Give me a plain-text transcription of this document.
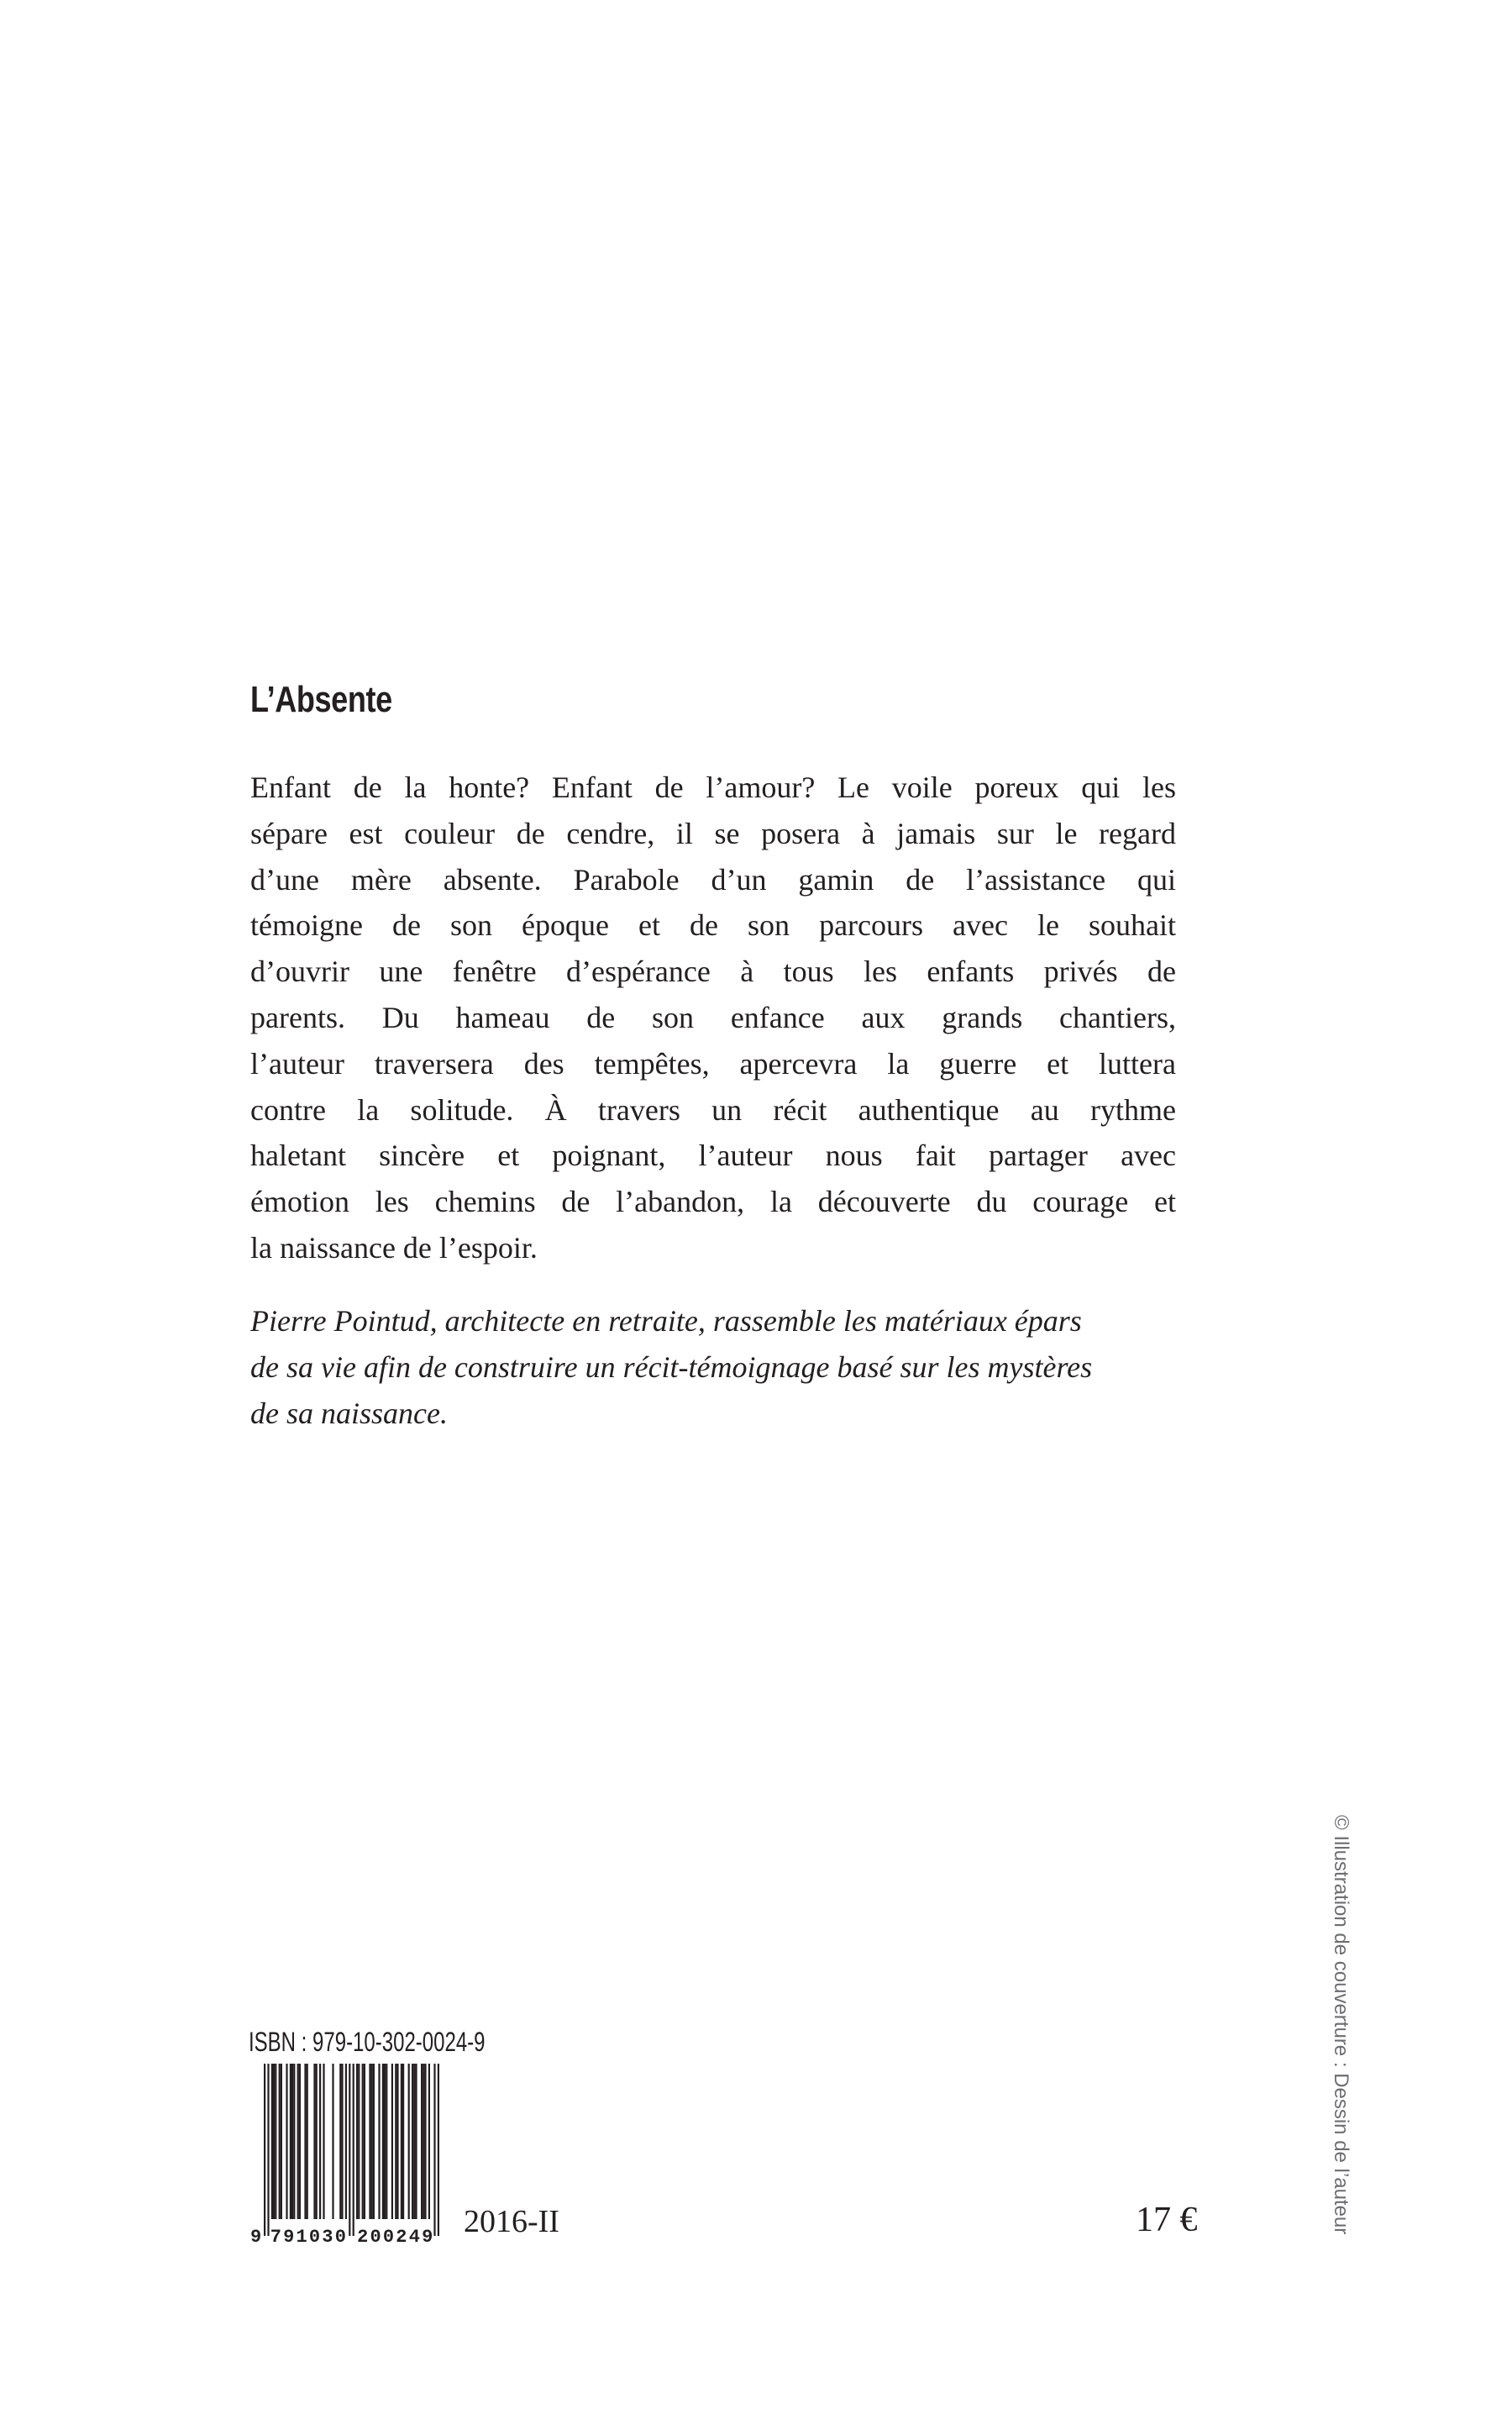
L’Absente
Enfant de la honte? Enfant de l’amour? Le voile poreux qui les
sépare est couleur de cendre, il se posera à jamais sur le regard
d’une mère absente. Parabole d’un gamin de l’assistance qui
témoigne de son époque et de son parcours avec le souhait
d’ouvrir une fenêtre d’espérance à tous les enfants privés de
parents. Du hameau de son enfance aux grands chantiers,
l’auteur traversera des tempêtes, apercevra la guerre et luttera
contre la solitude. À travers un récit authentique au rythme
haletant sincère et poignant, l’auteur nous fait partager avec
émotion les chemins de l’abandon, la découverte du courage et
la naissance de l’espoir.
Pierre Pointud, architecte en retraite, rassemble les matériaux épars
de sa vie afin de construire un récit-témoignage basé sur les mystères
de sa naissance.
ISBN : 979-10-302-0024-9
9 7 9 1 0 3 0 2 0 0 2 4 9 2016-II	17 €	© Illustration de couverture : Dessin de l’auteur
